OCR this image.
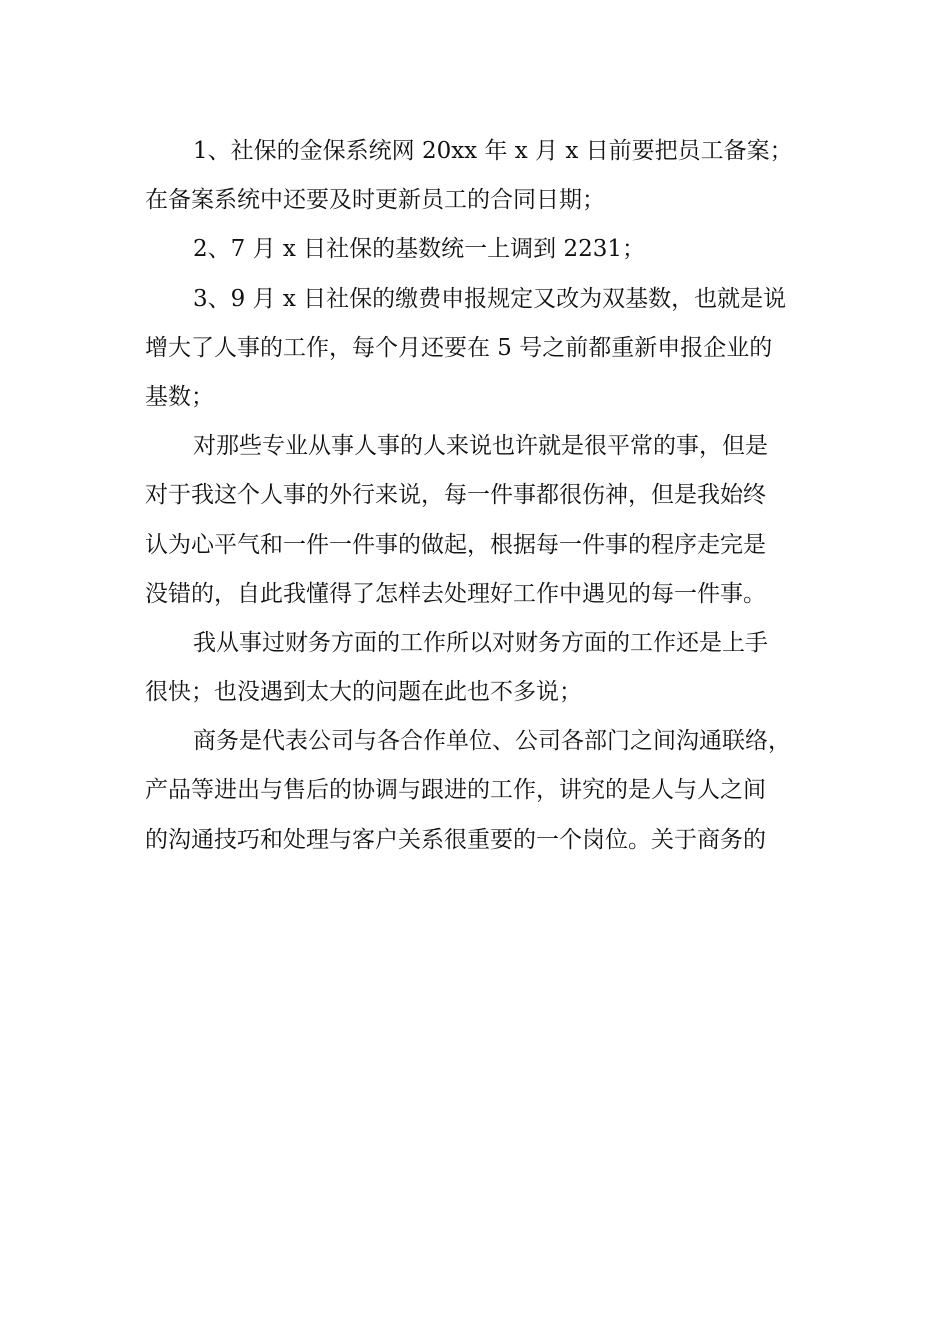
1、社保的金保系统网 20xx 年 x 月 x 日前要把员工备案；
在备案系统中还要及时更新员工的合同日期；
2、7 月 x 日社保的基数统一上调到 2231；
3、9 月 x 日社保的缴费申报规定又改为双基数，也就是说
增大了人事的工作，每个月还要在 5 号之前都重新申报企业的
基数；
对那些专业从事人事的人来说也许就是很平常的事，但是
对于我这个人事的外行来说，每一件事都很伤神，但是我始终
认为心平气和一件一件事的做起，根据每一件事的程序走完是
没错的，自此我懂得了怎样去处理好工作中遇见的每一件事。
我从事过财务方面的工作所以对财务方面的工作还是上手
很快；也没遇到太大的问题在此也不多说；
商务是代表公司与各合作单位、公司各部门之间沟通联络，
产品等进出与售后的协调与跟进的工作，讲究的是人与人之间
的沟通技巧和处理与客户关系很重要的一个岗位。关于商务的
